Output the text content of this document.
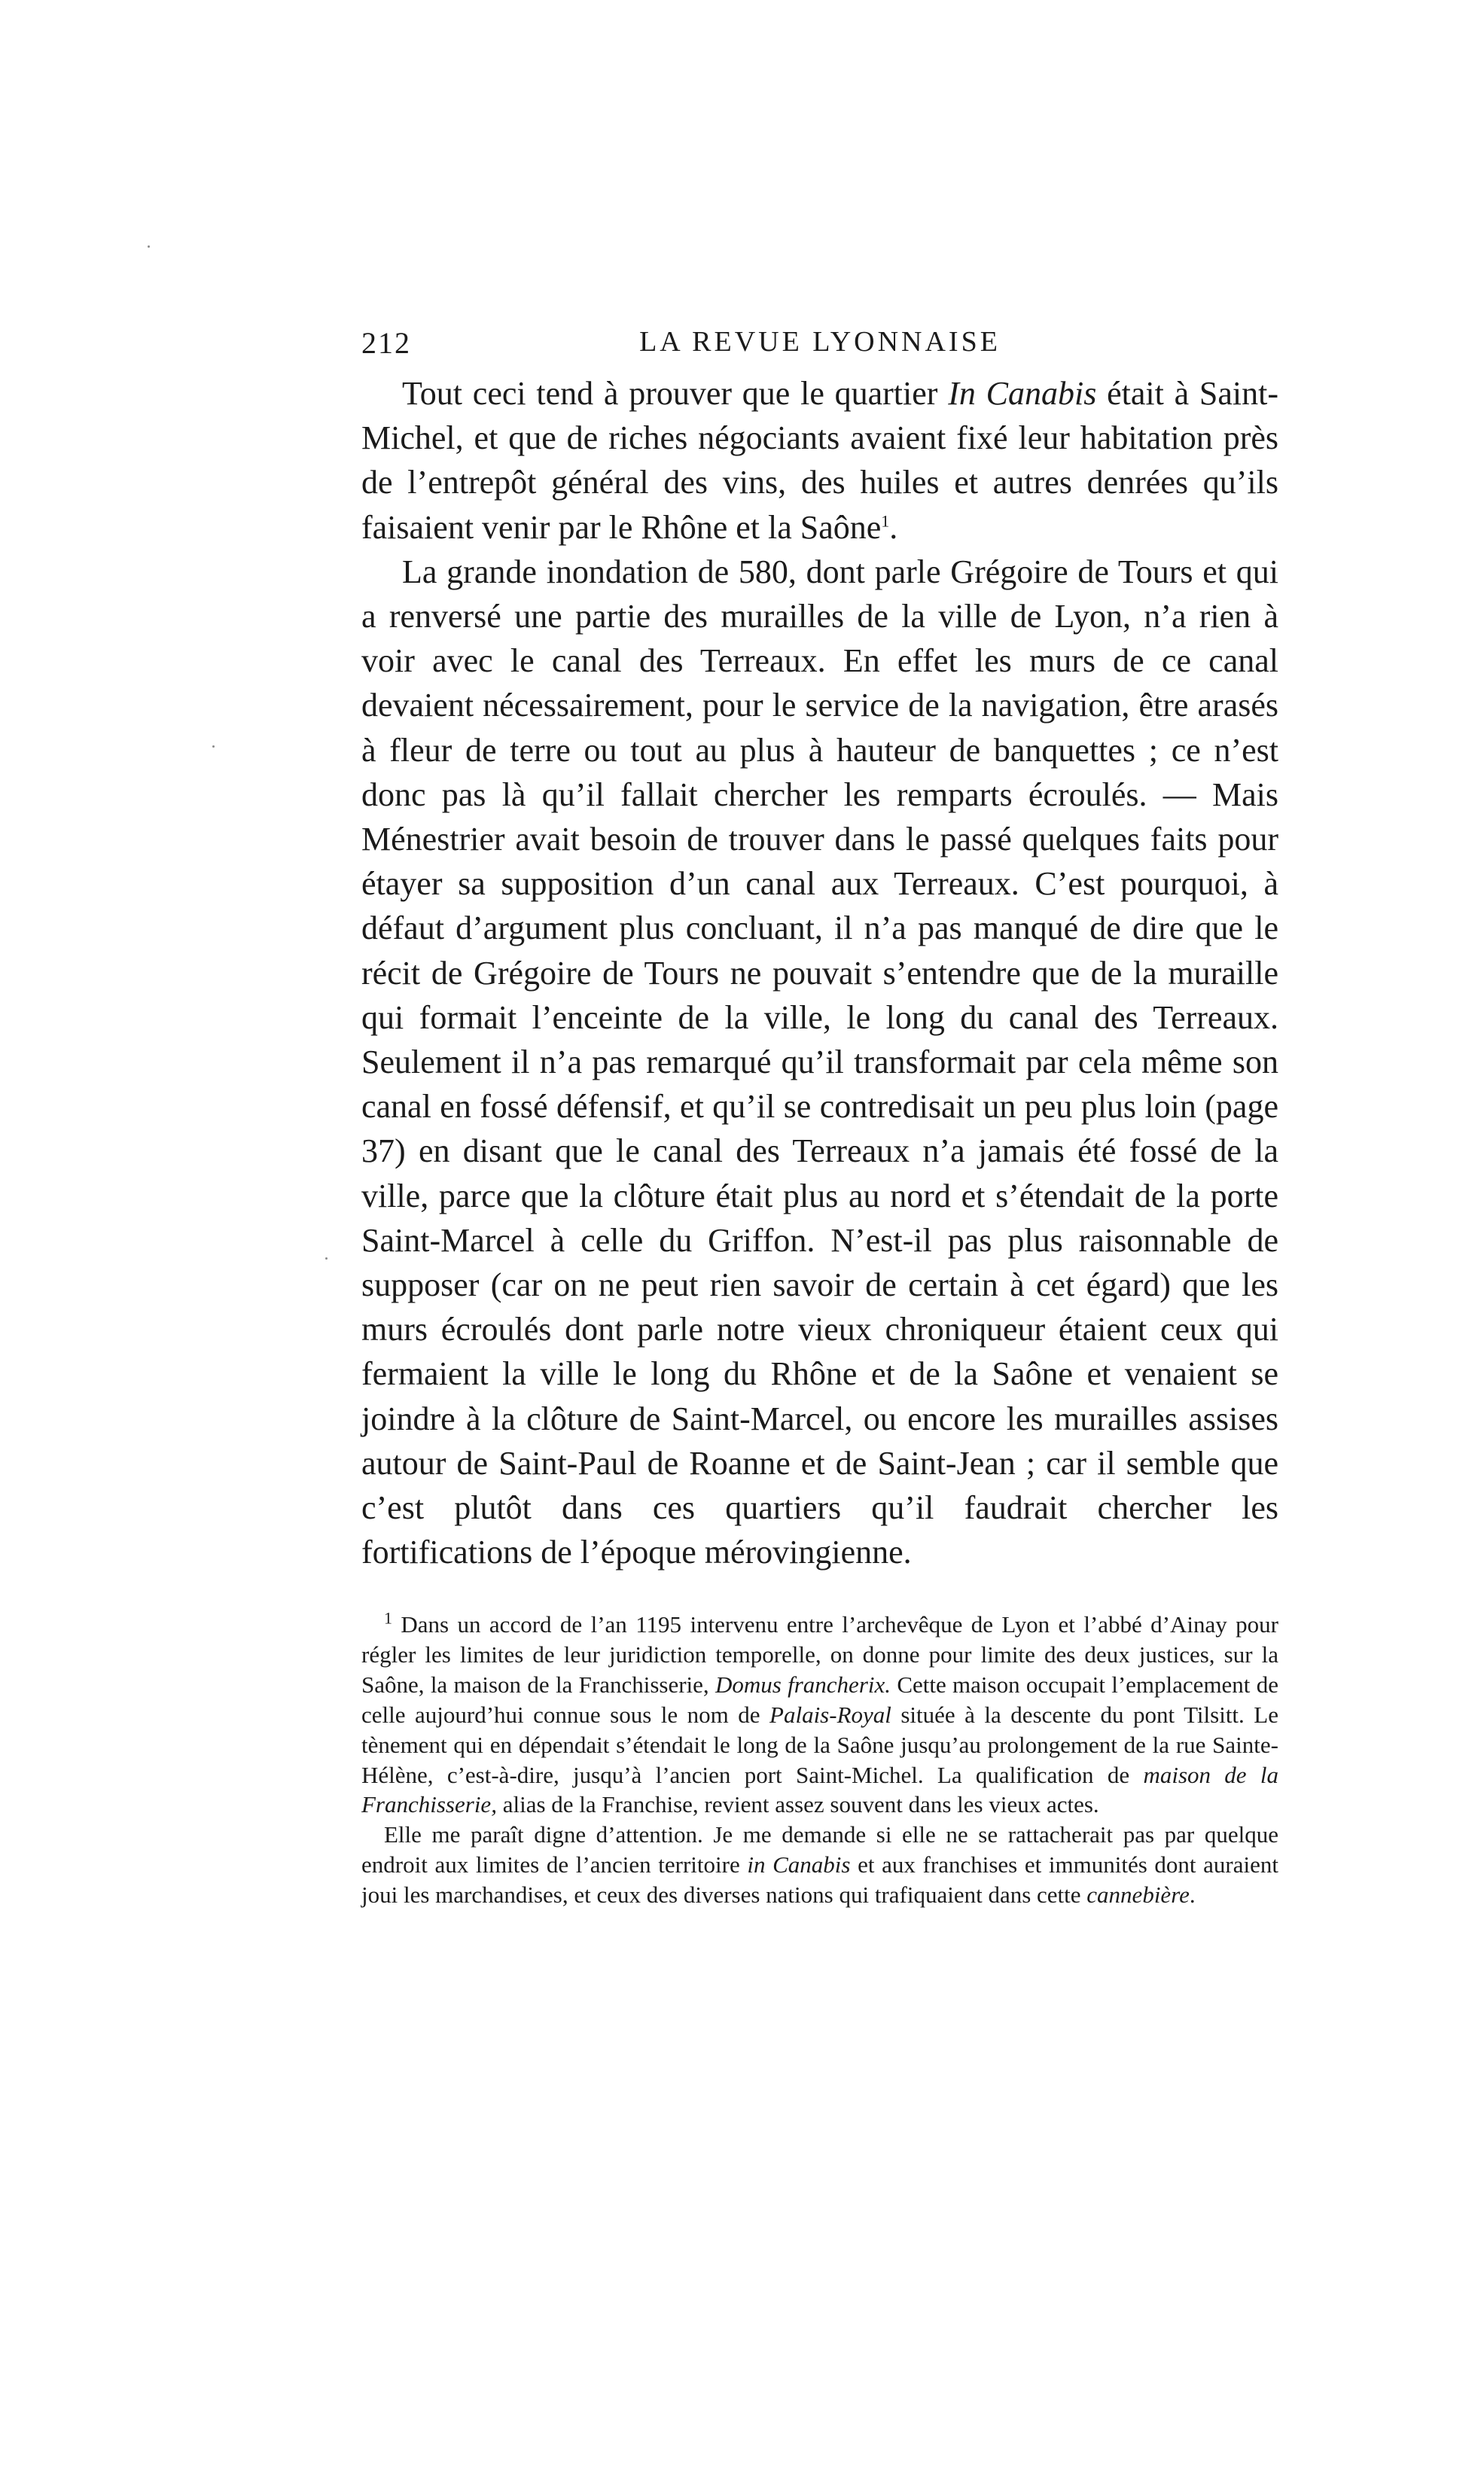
212	LA REVUE LYONNAISE

Tout ceci tend à prouver que le quartier In Canabis était à Saint-Michel, et que de riches négociants avaient fixé leur habitation près de l’entrepôt général des vins, des huiles et autres denrées qu’ils faisaient venir par le Rhône et la Saône$^1$.

La grande inondation de 580, dont parle Grégoire de Tours et qui a renversé une partie des murailles de la ville de Lyon, n’a rien à voir avec le canal des Terreaux. En effet les murs de ce canal devaient nécessairement, pour le service de la navigation, être arasés à fleur de terre ou tout au plus à hauteur de banquettes ; ce n’est donc pas là qu’il fallait chercher les remparts écroulés. — Mais Ménestrier avait besoin de trouver dans le passé quelques faits pour étayer sa supposition d’un canal aux Terreaux. C’est pourquoi, à défaut d’argument plus concluant, il n’a pas manqué de dire que le récit de Grégoire de Tours ne pouvait s’entendre que de la muraille qui formait l’enceinte de la ville, le long du canal des Terreaux. Seulement il n’a pas remarqué qu’il transformait par cela même son canal en fossé défensif, et qu’il se contredisait un peu plus loin (page 37) en disant que le canal des Terreaux n’a jamais été fossé de la ville, parce que la clôture était plus au nord et s’étendait de la porte Saint-Marcel à celle du Griffon. N’est-il pas plus raisonnable de supposer (car on ne peut rien savoir de certain à cet égard) que les murs écroulés dont parle notre vieux chroniqueur étaient ceux qui fermaient la ville le long du Rhône et de la Saône et venaient se joindre à la clôture de Saint-Marcel, ou encore les murailles assises autour de Saint-Paul de Roanne et de Saint-Jean ; car il semble que c’est plutôt dans ces quartiers qu’il faudrait chercher les fortifications de l’époque mérovingienne.

$^1$ Dans un accord de l’an 1195 intervenu entre l’archevêque de Lyon et l’abbé d’Ainay pour régler les limites de leur juridiction temporelle, on donne pour limite des deux justices, sur la Saône, la maison de la Franchisserie, Domus francherix. Cette maison occupait l’emplacement de celle aujourd’hui connue sous le nom de Palais-Royal située à la descente du pont Tilsitt. Le tènement qui en dépendait s’étendait le long de la Saône jusqu’au prolongement de la rue Sainte-Hélène, c’est-à-dire, jusqu’à l’ancien port Saint-Michel. La qualification de maison de la Franchisserie, alias de la Franchise, revient assez souvent dans les vieux actes.

Elle me paraît digne d’attention. Je me demande si elle ne se rattacherait pas par quelque endroit aux limites de l’ancien territoire in Canabis et aux franchises et immunités dont auraient joui les marchandises, et ceux des diverses nations qui trafiquaient dans cette cannebière.
